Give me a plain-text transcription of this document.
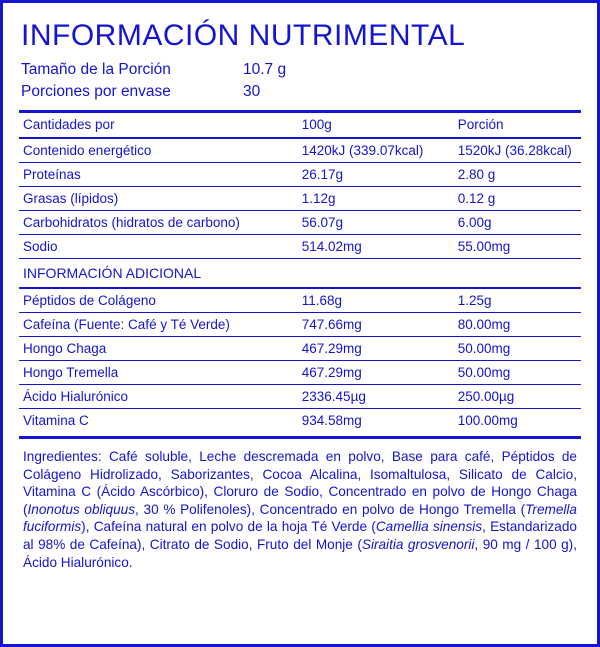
INFORMACIÓN NUTRIMENTAL
Tamaño de la Porción	10.7 g
Porciones por envase	30
Cantidades por	100g	Porción
Contenido energético	1420kJ (339.07kcal)	1520kJ (36.28kcal)
Proteínas	26.17g	2.80 g
Grasas (lípidos)	1.12g	0.12 g
Carbohidratos (hidratos de carbono)	56.07g	6.00g
Sodio	514.02mg	55.00mg
INFORMACIÓN ADICIONAL		
Péptidos de Colágeno	11.68g	1.25g
Cafeína (Fuente: Café y Té Verde)	747.66mg	80.00mg
Hongo Chaga	467.29mg	50.00mg
Hongo Tremella	467.29mg	50.00mg
Ácido Hialurónico	2336.45µg	250.00µg
Vitamina C	934.58mg	100.00mg
Ingredientes: Café soluble, Leche descremada en polvo, Base para café, Péptidos de Colágeno Hidrolizado, Saborizantes, Cocoa Alcalina, Isomaltulosa, Silicato de Calcio, Vitamina C (Ácido Ascórbico), Cloruro de Sodio, Concentrado en polvo de Hongo Chaga (Inonotus obliquus, 30 % Polifenoles), Concentrado en polvo de Hongo Tremella (Tremella fuciformis), Cafeína natural en polvo de la hoja Té Verde (Camellia sinensis, Estandarizado al 98% de Cafeína), Citrato de Sodio, Fruto del Monje (Siraitia grosvenorii, 90 mg / 100 g), Ácido Hialurónico.
